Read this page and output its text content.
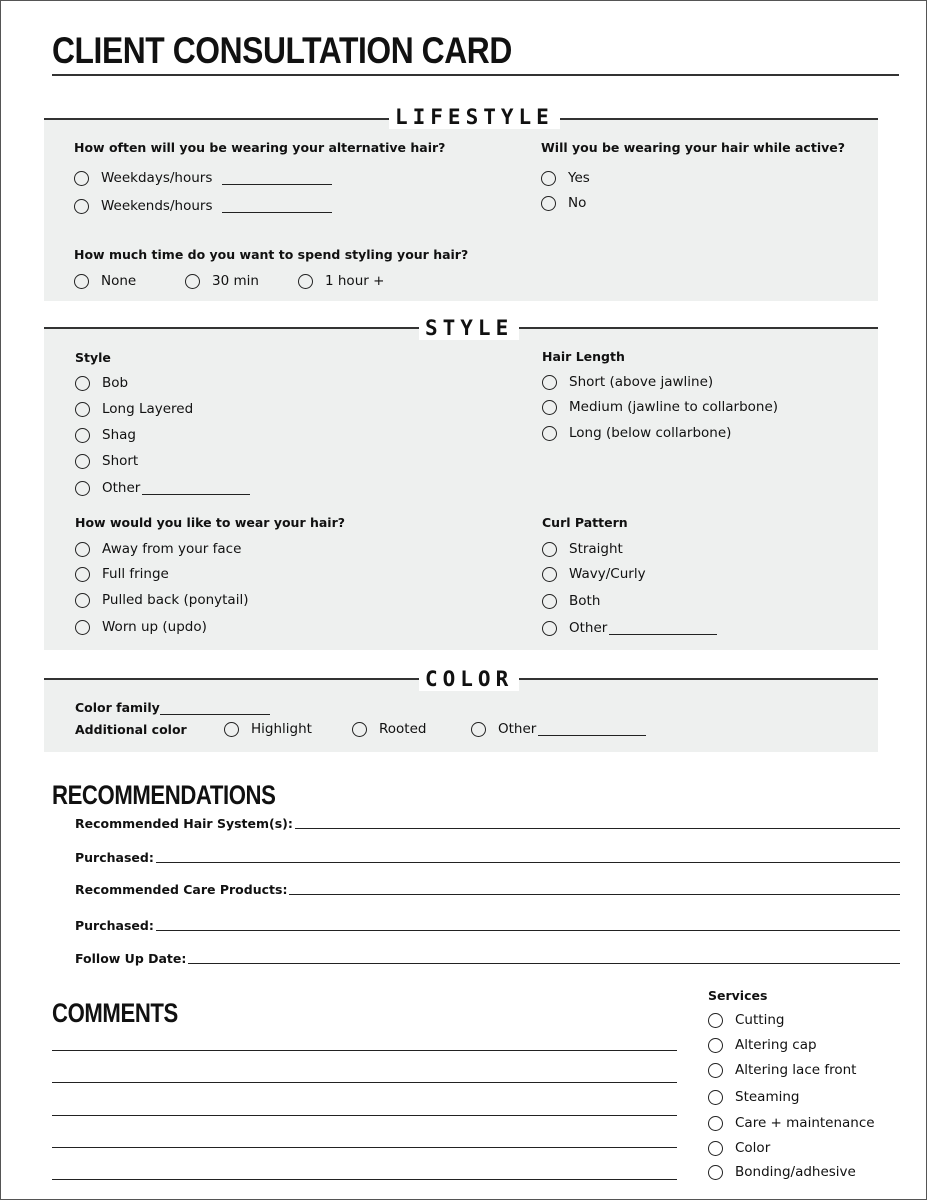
CLIENT CONSULTATION CARD
LIFESTYLE
How often will you be wearing your alternative hair?
Weekdays/hours
Weekends/hours
Will you be wearing your hair while active?
Yes
No
How much time do you want to spend styling your hair?
None	30 min	1 hour +
STYLE
Style
Bob
Long Layered
Shag
Short
Other
Hair Length
Short (above jawline)
Medium (jawline to collarbone)
Long (below collarbone)
How would you like to wear your hair?
Away from your face
Full fringe
Pulled back (ponytail)
Worn up (updo)
Curl Pattern
Straight
Wavy/Curly
Both
Other
COLOR
Color family
Additional color	Highlight	Rooted	Other
RECOMMENDATIONS
Recommended Hair System(s):
Purchased:
Recommended Care Products:
Purchased:
Follow Up Date:
COMMENTS
Services
Cutting
Altering cap
Altering lace front
Steaming
Care + maintenance
Color
Bonding/adhesive
